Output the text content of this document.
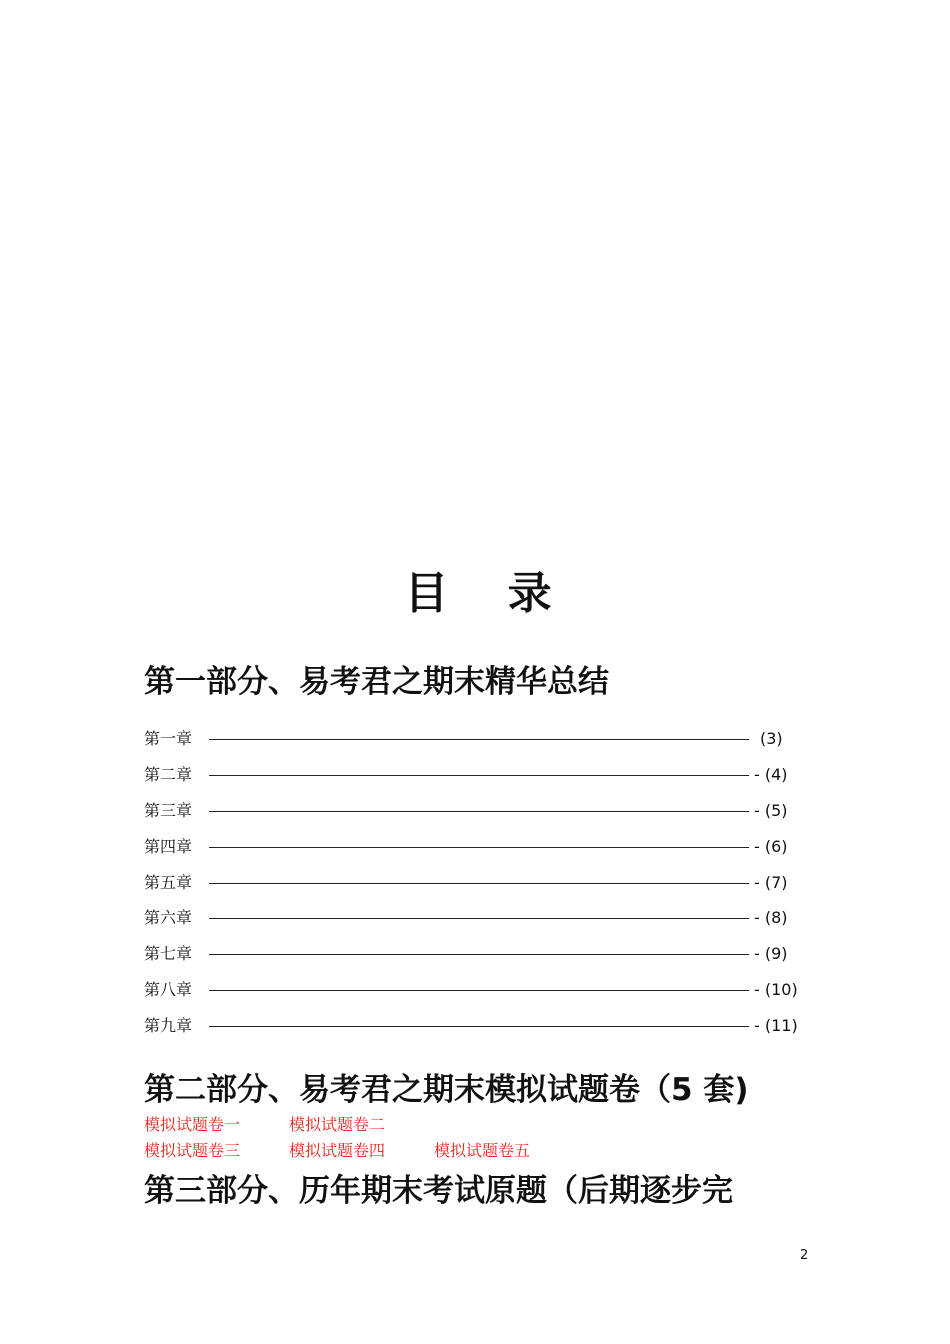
目 录
第一部分、易考君之期末精华总结
第一章	(3)
第二章	- (4)
第三章	- (5)
第四章	- (6)
第五章	- (7)
第六章	- (8)
第七章	- (9)
第八章	- (10)
第九章	- (11)
第二部分、易考君之期末模拟试题卷（5 套)
模拟试题卷一	模拟试题卷二
模拟试题卷三	模拟试题卷四	模拟试题卷五
第三部分、历年期末考试原题（后期逐步完
2
